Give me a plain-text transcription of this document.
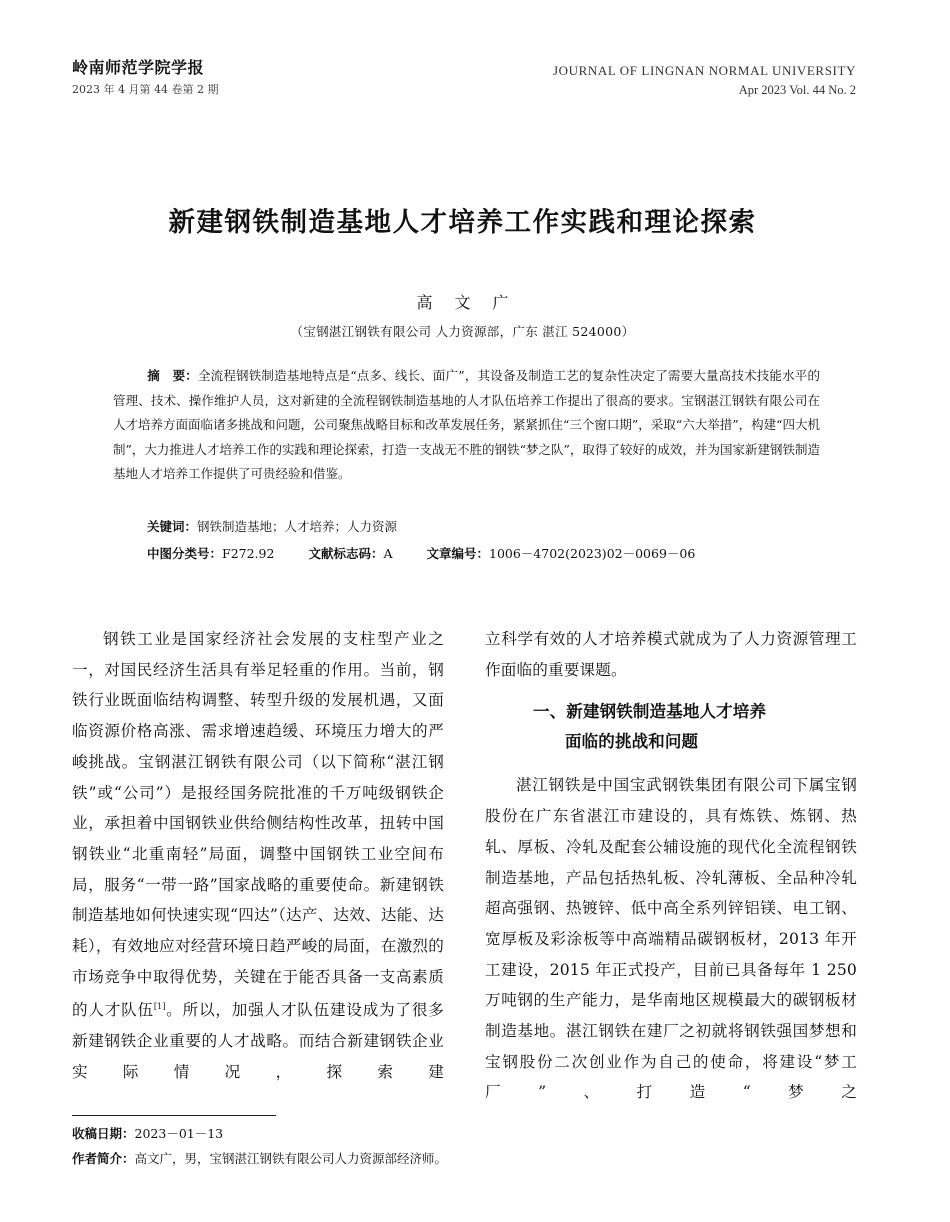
岭南师范学院学报
2023 年 4 月第 44 卷第 2 期
JOURNAL OF LINGNAN NORMAL UNIVERSITY
Apr 2023 Vol. 44 No. 2
新建钢铁制造基地人才培养工作实践和理论探索
高文广
（宝钢湛江钢铁有限公司 人力资源部，广东 湛江 524000）
摘　要：全流程钢铁制造基地特点是“点多、线长、面广”，其设备及制造工艺的复杂性决定了需要大量高技术技能水平的管理、技术、操作维护人员，这对新建的全流程钢铁制造基地的人才队伍培养工作提出了很高的要求。宝钢湛江钢铁有限公司在人才培养方面面临诸多挑战和问题，公司聚焦战略目标和改革发展任务，紧紧抓住“三个窗口期”，采取“六大举措”，构建“四大机制”，大力推进人才培养工作的实践和理论探索，打造一支战无不胜的钢铁“梦之队”，取得了较好的成效，并为国家新建钢铁制造基地人才培养工作提供了可贵经验和借鉴。
关键词：钢铁制造基地；人才培养；人力资源
中图分类号：F272.92	文献标志码：A	文章编号：1006－4702(2023)02－0069－06

钢铁工业是国家经济社会发展的支柱型产业之一，对国民经济生活具有举足轻重的作用。当前，钢铁行业既面临结构调整、转型升级的发展机遇，又面临资源价格高涨、需求增速趋缓、环境压力增大的严峻挑战。宝钢湛江钢铁有限公司（以下简称“湛江钢铁”或“公司”）是报经国务院批准的千万吨级钢铁企业，承担着中国钢铁业供给侧结构性改革，扭转中国钢铁业“北重南轻”局面，调整中国钢铁工业空间布局，服务“一带一路”国家战略的重要使命。新建钢铁制造基地如何快速实现“四达”（达产、达效、达能、达耗），有效地应对经营环境日趋严峻的局面，在激烈的市场竞争中取得优势，关键在于能否具备一支高素质的人才队伍[1]。所以，加强人才队伍建设成为了很多新建钢铁企业重要的人才战略。而结合新建钢铁企业实际情况，探索建

立科学有效的人才培养模式就成为了人力资源管理工作面临的重要课题。

一、新建钢铁制造基地人才培养
面临的挑战和问题

湛江钢铁是中国宝武钢铁集团有限公司下属宝钢股份在广东省湛江市建设的，具有炼铁、炼钢、热轧、厚板、冷轧及配套公辅设施的现代化全流程钢铁制造基地，产品包括热轧板、冷轧薄板、全品种冷轧超高强钢、热镀锌、低中高全系列锌铝镁、电工钢、宽厚板及彩涂板等中高端精品碳钢板材，2013 年开工建设，2015 年正式投产，目前已具备每年 1 250万吨钢的生产能力，是华南地区规模最大的碳钢板材制造基地。湛江钢铁在建厂之初就将钢铁强国梦想和宝钢股份二次创业作为自己的使命，将建设“梦工厂”、打造“梦之

收稿日期：2023－01－13
作者简介：高文广，男，宝钢湛江钢铁有限公司人力资源部经济师。
